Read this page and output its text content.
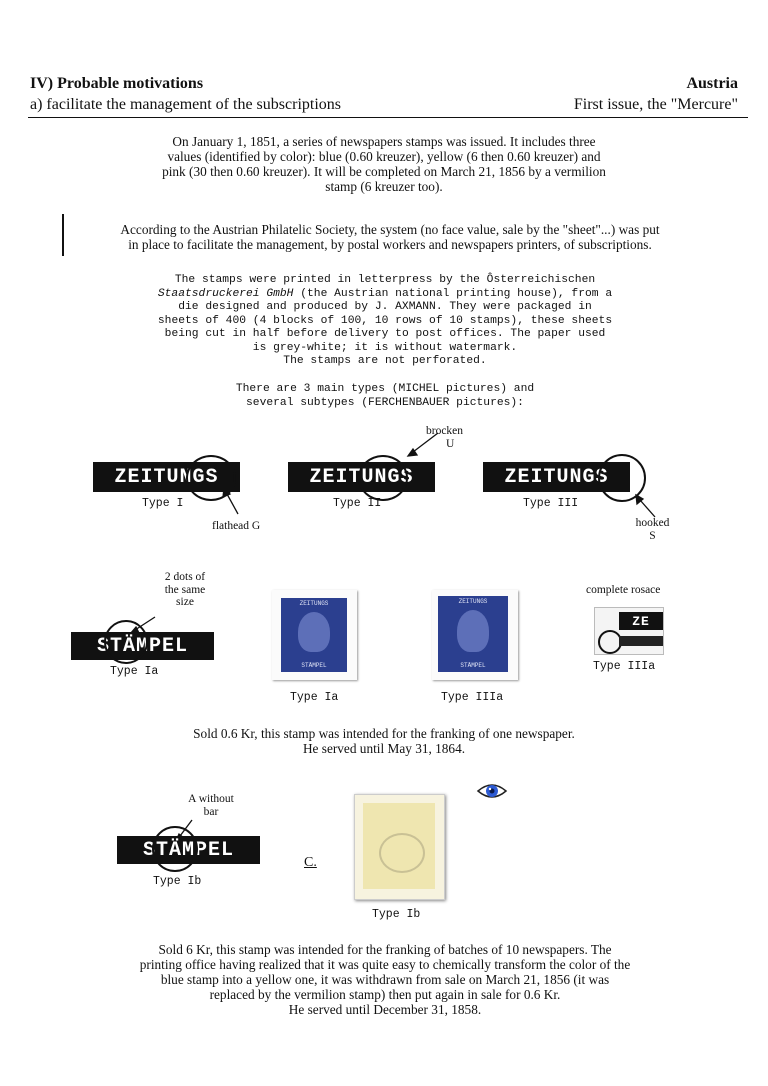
IV) Probable motivations	Austria
a) facilitate the management of the subscriptions	First issue, the "Mercure"
On January 1, 1851, a series of newspapers stamps was issued. It includes three
values (identified by color): blue (0.60 kreuzer), yellow (6 then 0.60 kreuzer) and
pink (30 then 0.60 kreuzer). It will be completed on March 21, 1856 by a vermilion
stamp (6 kreuzer too).
According to the Austrian Philatelic Society, the system (no face value, sale by the "sheet"...) was put
in place to facilitate the management, by postal workers and newspapers printers, of subscriptions.
The stamps were printed in letterpress by the Ôsterreichischen
Staatsdruckerei GmbH (the Austrian national printing house), from a
die designed and produced by J. AXMANN. They were packaged in
sheets of 400 (4 blocks of 100, 10 rows of 10 stamps), these sheets
being cut in half before delivery to post offices. The paper used
is grey-white; it is without watermark.
The stamps are not perforated.
There are 3 main types (MICHEL pictures) and
several subtypes (FERCHENBAUER pictures):
ZEITUNGS
Type I
flathead G
brocken
U
ZEITUNGS
Type II
ZEITUNGS
Type III
hooked
S
2 dots of
the same
size
STÄMPEL
Type Ia
ZEITUNGS
STÄMPEL
Type Ia
ZEITUNGS
STÄMPEL
Type IIIa
complete rosace
ZE
Type IIIa
Sold 0.6 Kr, this stamp was intended for the franking of one newspaper.
He served until May 31, 1864.
A without
bar
STÄMPEL
Type Ib
C.
Type Ib
Sold 6 Kr, this stamp was intended for the franking of batches of 10 newspapers. The
printing office having realized that it was quite easy to chemically transform the color of the
blue stamp into a yellow one, it was withdrawn from sale on March 21, 1856 (it was
replaced by the vermilion stamp) then put again in sale for 0.6 Kr.
He served until December 31, 1858.
